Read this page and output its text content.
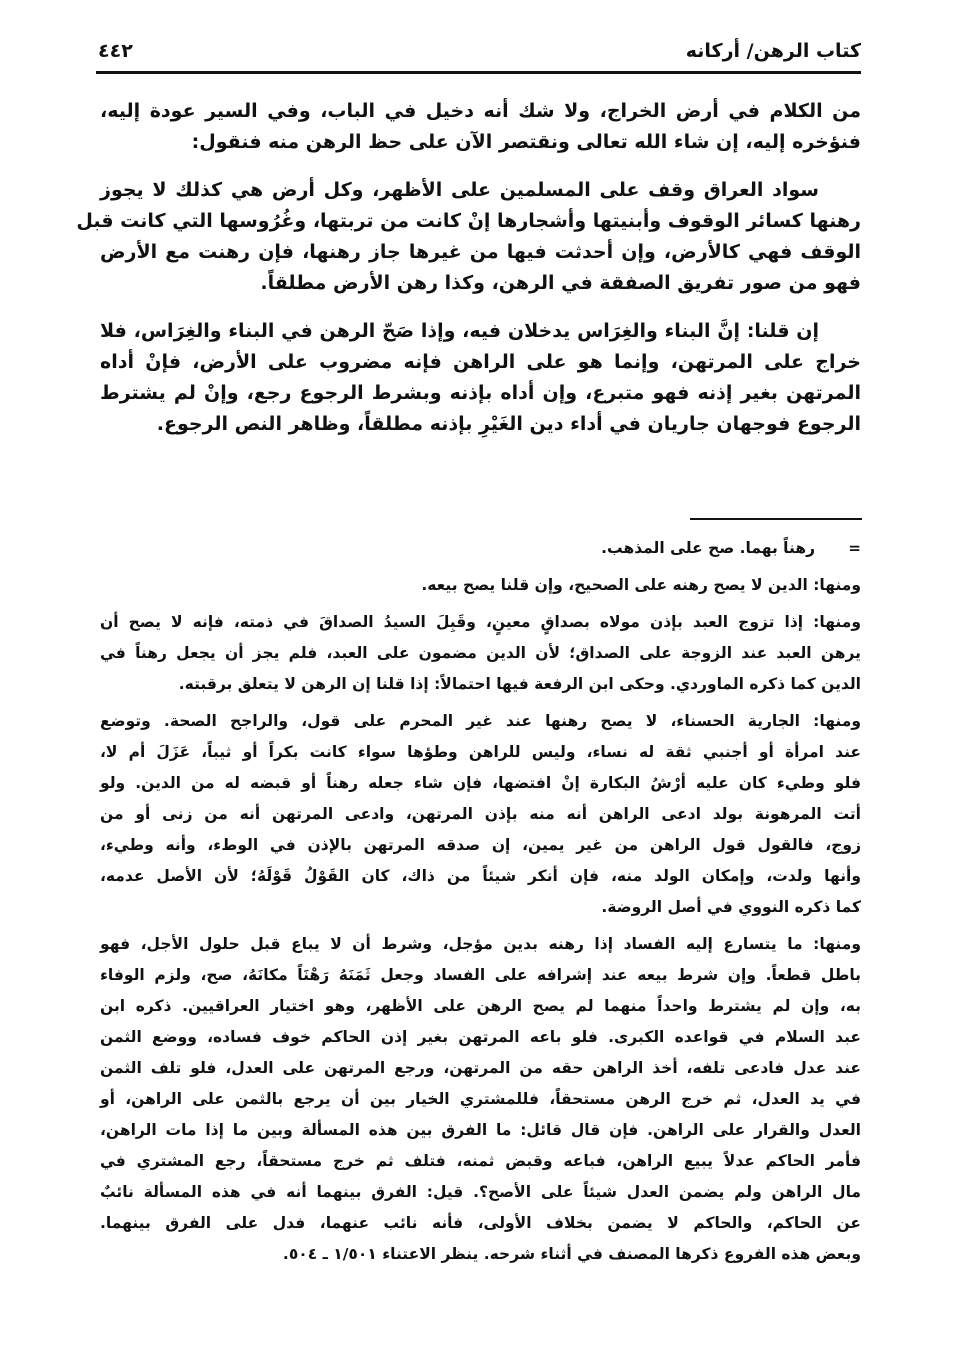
كتاب الرهن/ أركانه
٤٤٢
من الكلام في أرض الخراج، ولا شك أنه دخيل في الباب، وفي السير عودة إليه،
فنؤخره إليه، إن شاء الله تعالى ونقتصر الآن على حظ الرهن منه فنقول:
سواد العراق وقف على المسلمين على الأظهر، وكل أرض هي كذلك لا يجوز
رهنها كسائر الوقوف وأبنيتها وأشجارها إنْ كانت من تربتها، وغُرُوسها التي كانت قبل
الوقف فهي كالأرض، وإن أحدثت فيها من غيرها جاز رهنها، فإن رهنت مع الأرض
فهو من صور تفريق الصفقة في الرهن، وكذا رهن الأرض مطلقاً.
إن قلنا: إنَّ البناء والغِرَاس يدخلان فيه، وإذا صَحّ الرهن في البناء والغِرَاس، فلا
خراج على المرتهن، وإنما هو على الراهن فإنه مضروب على الأرض، فإنْ أداه
المرتهن بغير إذنه فهو متبرع، وإن أداه بإذنه وبشرط الرجوع رجع، وإنْ لم يشترط
الرجوع فوجهان جاريان في أداء دين الغَيْرِ بإذنه مطلقاً، وظاهر النص الرجوع.
=
رهناً بهما. صح على المذهب.
ومنها: الدين لا يصح رهنه على الصحيح، وإن قلنا يصح بيعه.
ومنها: إذا تزوج العبد بإذن مولاه بصداقٍ معينٍ، وقَبِلَ السيدُ الصداقَ في ذمته، فإنه لا يصح أن
يرهن العبد عند الزوجة على الصداق؛ لأن الدين مضمون على العبد، فلم يجز أن يجعل رهناً في
الدين كما ذكره الماوردي. وحكى ابن الرفعة فيها احتمالاً: إذا قلنا إن الرهن لا يتعلق برقبته.
ومنها: الجارية الحسناء، لا يصح رهنها عند غير المحرم على قول، والراجح الصحة. وتوضع
عند امرأة أو أجنبي ثقة له نساء، وليس للراهن وطؤها سواء كانت بكراً أو ثيباً، عَزَلَ أم لا،
فلو وطيء كان عليه أرْشُ البكارة إنْ افتضها، فإن شاء جعله رهناً أو قبضه له من الدين. ولو
أتت المرهونة بولد ادعى الراهن أنه منه بإذن المرتهن، وادعى المرتهن أنه من زنى أو من
زوج، فالقول قول الراهن من غير يمين، إن صدقه المرتهن بالإذن في الوطء، وأنه وطيء،
وأنها ولدت، وإمكان الولد منه، فإن أنكر شيئاً من ذاك، كان القَوْلُ قَوْلَهُ؛ لأن الأصل عدمه،
كما ذكره النووي في أصل الروضة.
ومنها: ما يتسارع إليه الفساد إذا رهنه بدين مؤجل، وشرط أن لا يباع قبل حلول الأجل، فهو
باطل قطعاً. وإن شرط بيعه عند إشرافه على الفساد وجعل ثَمَنَهُ رَهْنَاً مكانَهُ، صح، ولزم الوفاء
به، وإن لم يشترط واحداً منهما لم يصح الرهن على الأظهر، وهو اختيار العراقيين. ذكره ابن
عبد السلام في قواعده الكبرى. فلو باعه المرتهن بغير إذن الحاكم خوف فساده، ووضع الثمن
عند عدل فادعى تلفه، أخذ الراهن حقه من المرتهن، ورجع المرتهن على العدل، فلو تلف الثمن
في يد العدل، ثم خرج الرهن مستحقاً، فللمشتري الخيار بين أن يرجع بالثمن على الراهن، أو
العدل والقرار على الراهن. فإن قال قائل: ما الفرق بين هذه المسألة وبين ما إذا مات الراهن،
فأمر الحاكم عدلاً يبيع الراهن، فباعه وقبض ثمنه، فتلف ثم خرج مستحقاً، رجع المشتري في
مال الراهن ولم يضمن العدل شيئاً على الأصح؟. قيل: الفرق بينهما أنه في هذه المسألة نائبٌ
عن الحاكم، والحاكم لا يضمن بخلاف الأولى، فأنه نائب عنهما، فدل على الفرق بينهما.
وبعض هذه الفروع ذكرها المصنف في أثناء شرحه. ينظر الاعتناء ١/٥٠١ ـ ٥٠٤.
